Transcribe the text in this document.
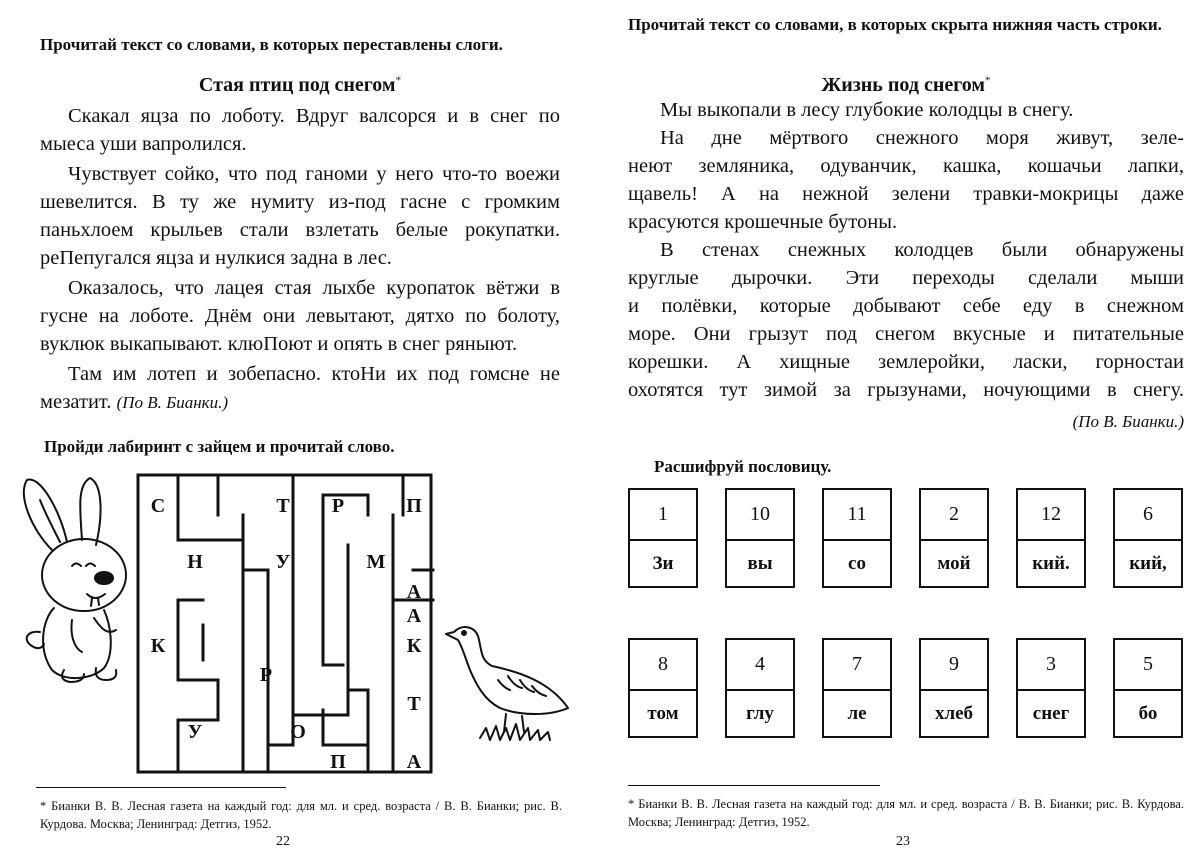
Прочитай текст со словами, в которых переставлены слоги.
Стая птиц под снегом*

Скакал яцза по лоботу. Вдруг валсорся и в снег по мыеса уши вапролился.

Чувствует сойко, что под ганоми у него что-то воежи шевелится. В ту же нумиту из-под гасне с громким паньхлоем крыльев стали взлетать белые рокупатки. реПепугался яцза и нулкися задна в лес.

Оказалось, что лацея стая лыхбе куропаток вётжи в гусне на лоботе. Днём они левытают, дятхо по болоту, вуклюк выкапывают. клюПоют и опять в снег ряныют.

Там им лотеп и зобепасно. ктоНи их под гомсне не мезатит. (По В. Бианки.)

Пройди лабиринт с зайцем и прочитай слово.
С	Т Р	П
Н	У	М
А
К	К
Р
А
Т
У	О
П	А
* Бианки В. В. Лесная газета на каждый год: для мл. и сред. возраста / В. В. Бианки; рис. В. Курдова. Москва; Ленинград: Детгиз, 1952.
22
Прочитай текст со словами, в которых скрыта нижняя часть строки.
Жизнь под снегом*
Мы выкопали в лесу глубокие колодцы в снегу.
На дне мёртвого снежного моря живут, зеле-
неют земляника, одуванчик, кашка, кошачьи лапки,
щавель! А на нежной зелени травки-мокрицы даже
красуются крошечные бутоны.
В стенах снежных колодцев были обнаружены
круглые дырочки. Эти переходы сделали мыши
и полёвки, которые добывают себе еду в снежном
море. Они грызут под снегом вкусные и питательные
корешки. А хищные землеройки, ласки, горностаи
охотятся тут зимой за грызунами, ночующими в снегу.
(По В. Бианки.)
Расшифруй пословицу.
1
Зи
10
вы
11
со
2
мой
12
кий.
6
кий,
8
том
4
глу
7
ле
9
хлеб
3
снег
5
бо
* Бианки В. В. Лесная газета на каждый год: для мл. и сред. возраста / В. В. Бианки; рис. В. Курдова. Москва; Ленинград: Детгиз, 1952.
23
